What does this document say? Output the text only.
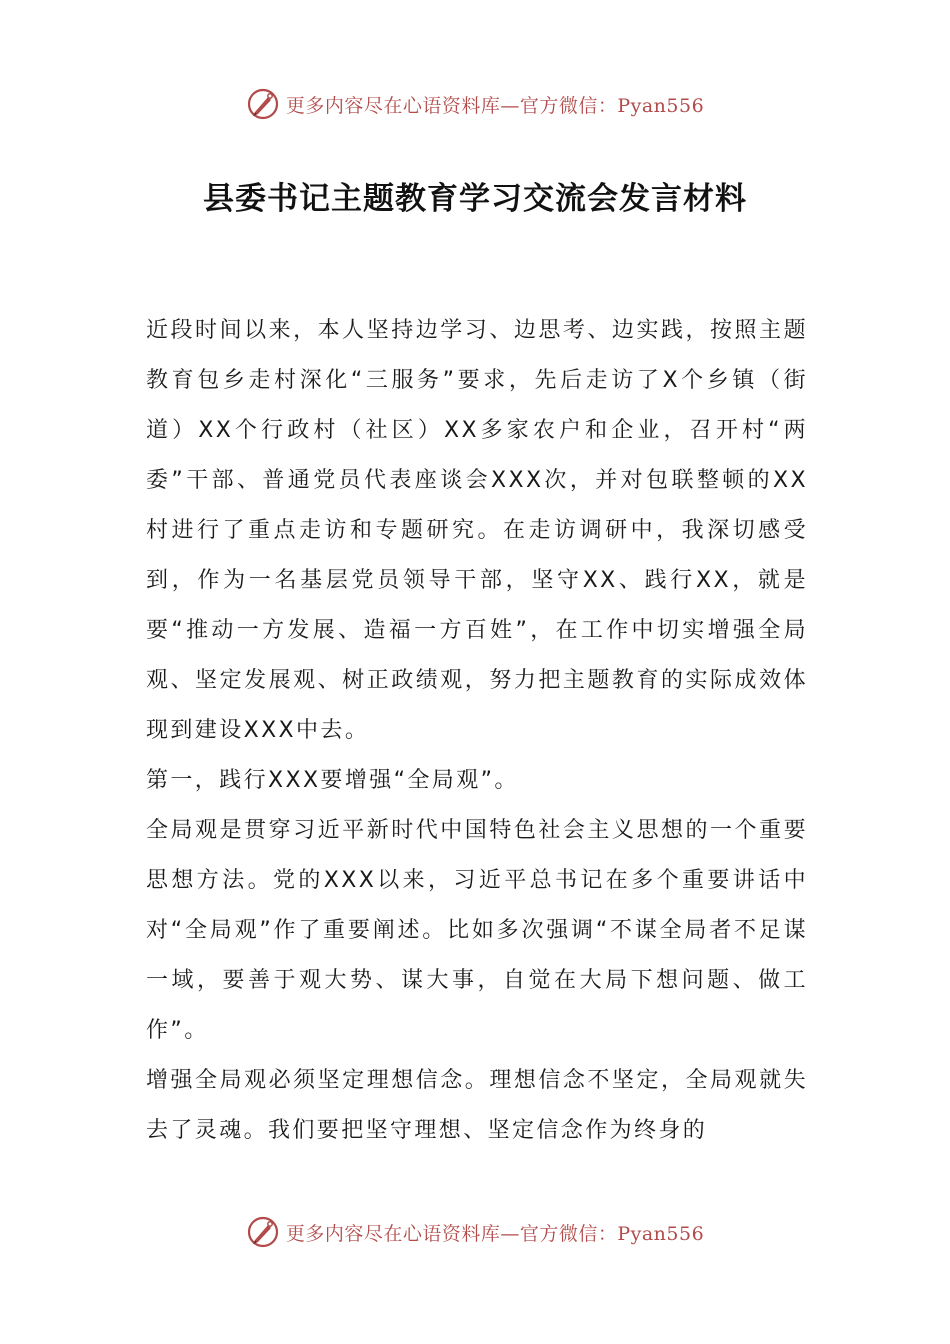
更多内容尽在心语资料库—官方微信：Pyan556
县委书记主题教育学习交流会发言材料

近段时间以来，本人坚持边学习、边思考、边实践，按照主题教育包乡走村深化“三服务”要求，先后走访了X个乡镇（街道）XX个行政村（社区）XX多家农户和企业，召开村“两委”干部、普通党员代表座谈会XXX次，并对包联整顿的XX村进行了重点走访和专题研究。在走访调研中，我深切感受到，作为一名基层党员领导干部，坚守XX、践行XX，就是要“推动一方发展、造福一方百姓”，在工作中切实增强全局观、坚定发展观、树正政绩观，努力把主题教育的实际成效体现到建设XXX中去。

第一，践行XXX要增强“全局观”。

全局观是贯穿习近平新时代中国特色社会主义思想的一个重要思想方法。党的XXX以来，习近平总书记在多个重要讲话中对“全局观”作了重要阐述。比如多次强调“不谋全局者不足谋一域，要善于观大势、谋大事，自觉在大局下想问题、做工作”。

增强全局观必须坚定理想信念。理想信念不坚定，全局观就失去了灵魂。我们要把坚守理想、坚定信念作为终身的

更多内容尽在心语资料库—官方微信：Pyan556
